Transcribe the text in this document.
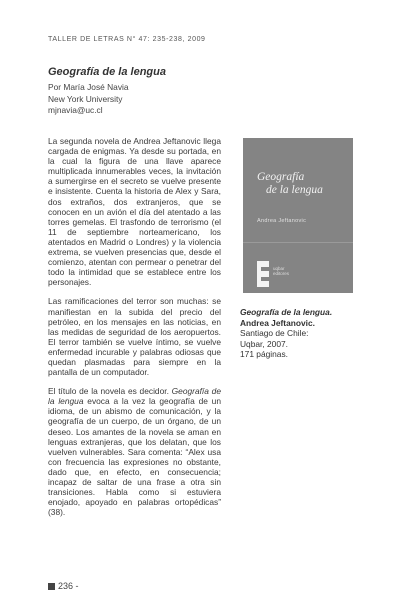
TALLER DE LETRAS N° 47: 235-238, 2009
Geografía de la lengua
Por María José Navia
New York University
mjnavia@uc.cl

La segunda novela de Andrea Jeftanovic llega cargada de enigmas. Ya desde su portada, en la cual la figura de una llave aparece multiplicada innumerables veces, la invitación a sumergirse en el secreto se vuelve presente e insistente. Cuenta la historia de Alex y Sara, dos extraños, dos extranjeros, que se conocen en un avión el día del atentado a las torres gemelas. El trasfondo de terrorismo (el 11 de septiembre norteamericano, los atentados en Madrid o Londres) y la violencia extrema, se vuelven presencias que, desde el comienzo, atentan con permear o penetrar del todo la intimidad que se establece entre los personajes.

Las ramificaciones del terror son muchas: se manifiestan en la subida del precio del petróleo, en los mensajes en las noticias, en las medidas de seguridad de los aeropuertos. El terror también se vuelve íntimo, se vuelve enfermedad incurable y palabras odiosas que quedan plasmadas para siempre en la pantalla de un computador.

El título de la novela es decidor. Geografía de la lengua evoca a la vez la geografía de un idioma, de un abismo de comunicación, y la geografía de un cuerpo, de un órgano, de un deseo. Los amantes de la novela se aman en lenguas extranjeras, que los delatan, que los vuelven vulnerables. Sara comenta: “Alex usa con frecuencia las expresiones no obstante, dado que, en efecto, en consecuencia; incapaz de saltar de una frase a otra sin transiciones. Habla como si estuviera enojado, apoyado en palabras ortopédicas” (38).

Geografía
de la lengua
Andrea Jeftanovic
uqbar editores
Geografía de la lengua.
Andrea Jeftanovic.
Santiago de Chile:
Uqbar, 2007.
171 páginas.
236 -
